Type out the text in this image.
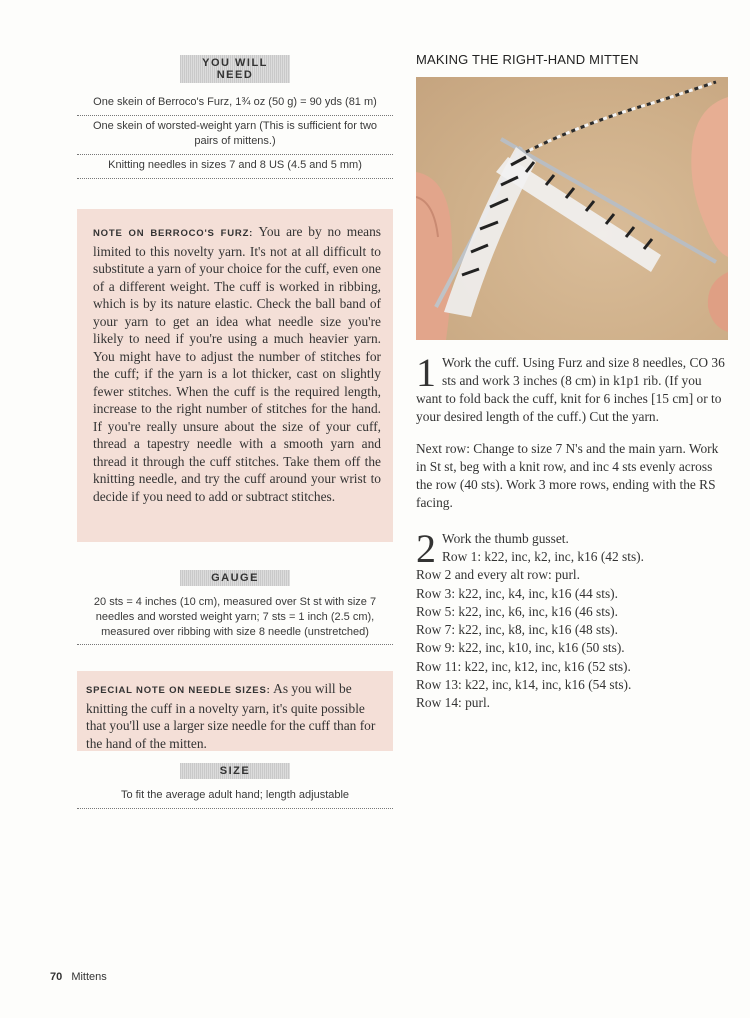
YOU WILL NEED
One skein of Berroco's Furz, 1¾ oz (50 g) = 90 yds (81 m)
One skein of worsted-weight yarn (This is sufficient for two pairs of mittens.)
Knitting needles in sizes 7 and 8 US (4.5 and 5 mm)
NOTE ON BERROCO'S FURZ: You are by no means limited to this novelty yarn. It's not at all difficult to substitute a yarn of your choice for the cuff, even one of a different weight. The cuff is worked in ribbing, which is by its nature elastic. Check the ball band of your yarn to get an idea what needle size you're likely to need if you're using a much heavier yarn. You might have to adjust the number of stitches for the cuff; if the yarn is a lot thicker, cast on slightly fewer stitches. When the cuff is the required length, increase to the right number of stitches for the hand. If you're really unsure about the size of your cuff, thread a tapestry needle with a smooth yarn and thread it through the cuff stitches. Take them off the knitting needle, and try the cuff around your wrist to decide if you need to add or subtract stitches.
GAUGE
20 sts = 4 inches (10 cm), measured over St st with size 7 needles and worsted weight yarn; 7 sts = 1 inch (2.5 cm), measured over ribbing with size 8 needle (unstretched)
SPECIAL NOTE ON NEEDLE SIZES: As you will be knitting the cuff in a novelty yarn, it's quite possible that you'll use a larger size needle for the cuff than for the hand of the mitten.
SIZE
To fit the average adult hand; length adjustable
MAKING THE RIGHT-HAND MITTEN
1 Work the cuff. Using Furz and size 8 needles, CO 36 sts and work 3 inches (8 cm) in k1p1 rib. (If you want to fold back the cuff, knit for 6 inches [15 cm] or to your desired length of the cuff.) Cut the yarn.
Next row: Change to size 7 N's and the main yarn. Work in St st, beg with a knit row, and inc 4 sts evenly across the row (40 sts). Work 3 more rows, ending with the RS facing.
2 Work the thumb gusset.
Row 1: k22, inc, k2, inc, k16 (42 sts).
Row 2 and every alt row: purl.
Row 3: k22, inc, k4, inc, k16 (44 sts).
Row 5: k22, inc, k6, inc, k16 (46 sts).
Row 7: k22, inc, k8, inc, k16 (48 sts).
Row 9: k22, inc, k10, inc, k16 (50 sts).
Row 11: k22, inc, k12, inc, k16 (52 sts).
Row 13: k22, inc, k14, inc, k16 (54 sts).
Row 14: purl.
70 Mittens
